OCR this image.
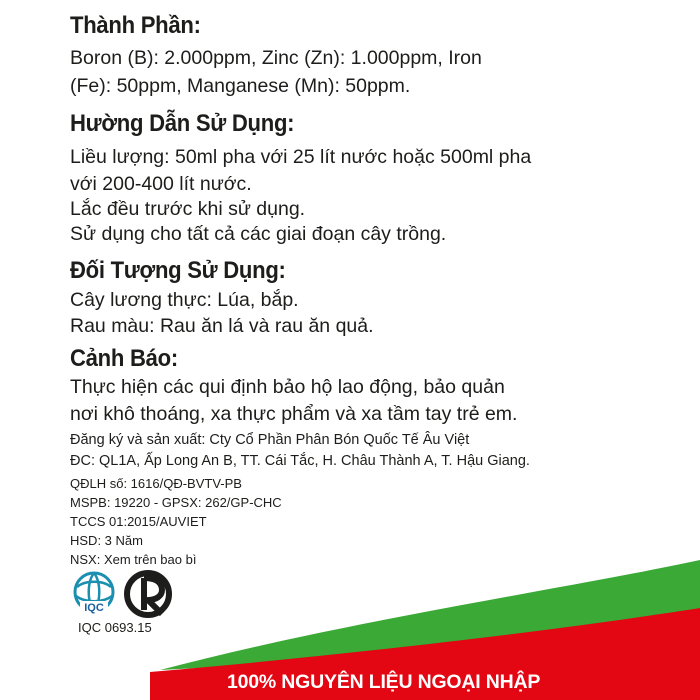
Thành Phần:
Boron (B): 2.000ppm, Zinc (Zn): 1.000ppm, Iron
(Fe): 50ppm, Manganese (Mn): 50ppm.
Hường Dẫn Sử Dụng:
Liều lượng: 50ml pha với 25 lít nước hoặc 500ml pha
với 200-400 lít nước.
Lắc đều trước khi sử dụng.
Sử dụng cho tất cả các giai đoạn cây trồng.
Đối Tượng Sử Dụng:
Cây lương thực: Lúa, bắp.
Rau màu: Rau ăn lá và rau ăn quả.
Cảnh Báo:
Thực hiện các qui định bảo hộ lao động, bảo quản
nơi khô thoáng, xa thực phẩm và xa tầm tay trẻ em.
Đăng ký và sản xuất: Cty Cổ Phần Phân Bón Quốc Tế Âu Việt
ĐC: QL1A, Ấp Long An B, TT. Cái Tắc, H. Châu Thành A, T. Hậu Giang.
QĐLH số: 1616/QĐ-BVTV-PB
MSPB: 19220 - GPSX: 262/GP-CHC
TCCS 01:2015/AUVIET
HSD: 3 Năm
NSX: Xem trên bao bì
IQC
IQC 0693.15
100% NGUYÊN LIỆU NGOẠI NHẬP
